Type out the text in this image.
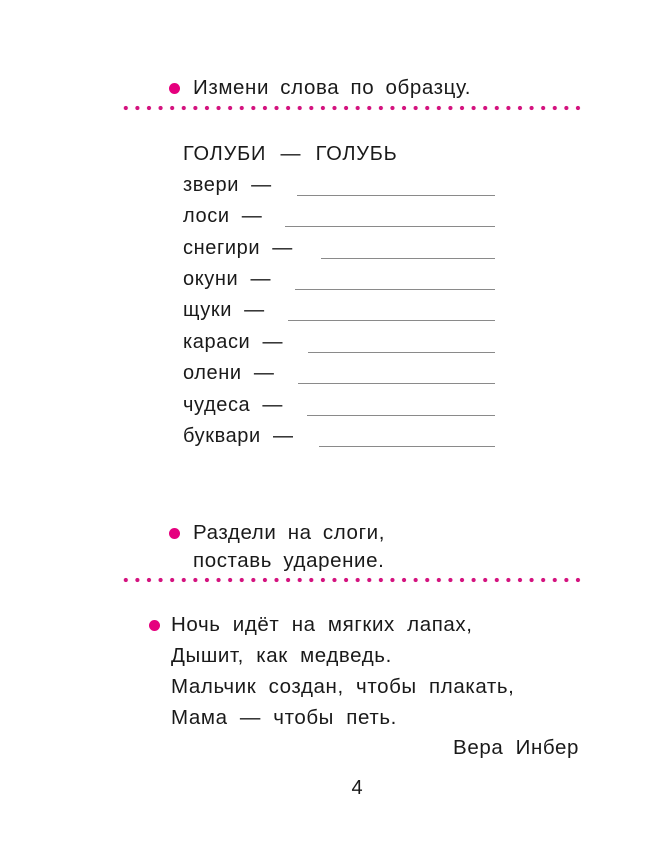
Измени слова по образцу.
ГОЛУБИ — ГОЛУБЬ
звери —
лоси —
снегири —
окуни —
щуки —
караси —
олени —
чудеса —
буквари —
Раздели на слоги,
поставь ударение.
Ночь идёт на мягких лапах,
Дышит, как медведь.
Мальчик создан, чтобы плакать,
Мама — чтобы петь.
Вера Инбер
4
